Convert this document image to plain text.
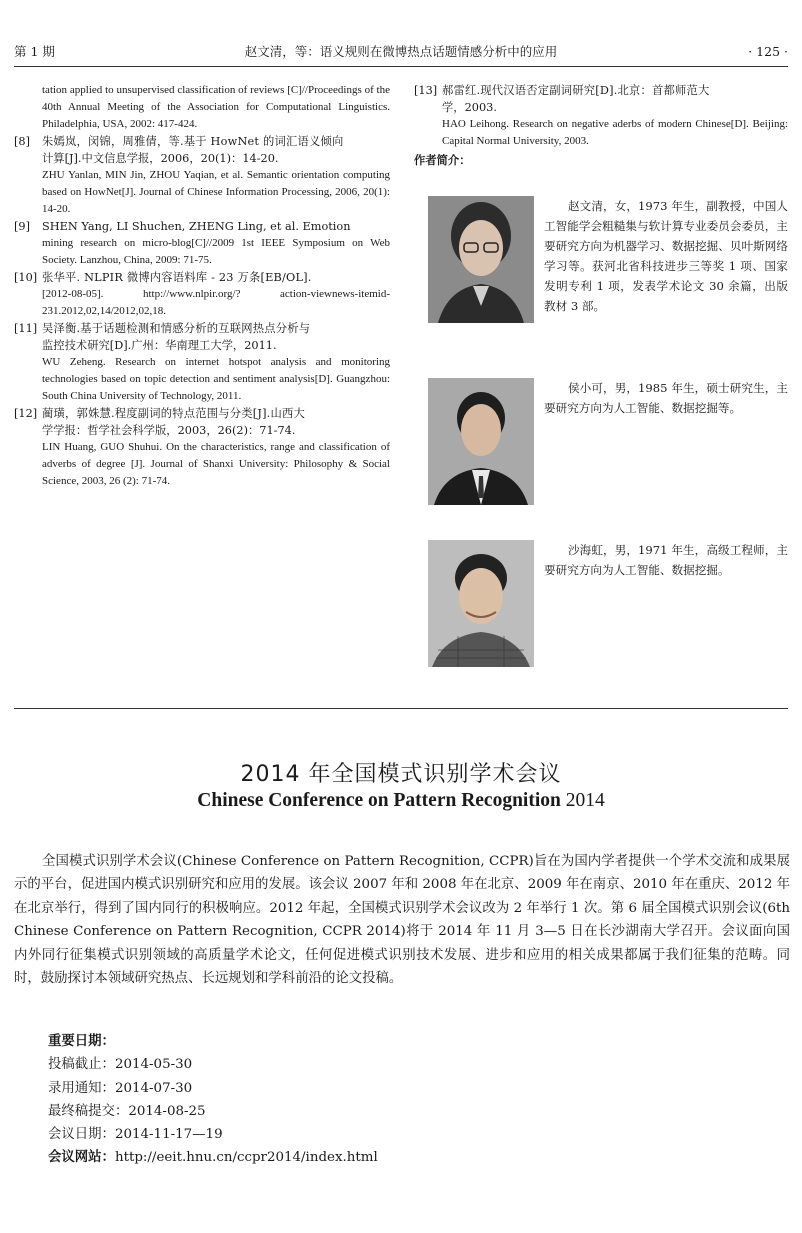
第 1 期	赵文清，等：语义规则在微博热点话题情感分析中的应用	· 125 ·
tation applied to unsupervised classification of reviews [C]//Proceedings of the 40th Annual Meeting of the Association for Computational Linguistics. Philadelphia, USA, 2002: 417-424.
[8] 朱嫣岚，闵锦，周雅倩，等.基于 HowNet 的词汇语义倾向
计算[J].中文信息学报，2006，20(1)：14-20.
ZHU Yanlan, MIN Jin, ZHOU Yaqian, et al. Semantic orientation computing based on HowNet[J]. Journal of Chinese Information Processing, 2006, 20(1): 14-20.
[9] SHEN Yang, LI Shuchen, ZHENG Ling, et al. Emotion
mining research on micro-blog[C]//2009 1st IEEE Symposium on Web Society. Lanzhou, China, 2009: 71-75.
[10] 张华平. NLPIR 微博内容语料库 - 23 万条[EB/OL].
[2012-08-05]. http://www.nlpir.org/? action-viewnews-itemid-231.2012,02,14/2012,02,18.
[11] 吴泽衡.基于话题检测和情感分析的互联网热点分析与
监控技术研究[D].广州：华南理工大学，2011.
WU Zeheng. Research on internet hotspot analysis and monitoring technologies based on topic detection and sentiment analysis[D]. Guangzhou: South China University of Technology, 2011.
[12] 蔺璜，郭姝慧.程度副词的特点范围与分类[J].山西大
学学报：哲学社会科学版，2003，26(2)：71-74.
LIN Huang, GUO Shuhui. On the characteristics, range and classification of adverbs of degree [J]. Journal of Shanxi University: Philosophy & Social Science, 2003, 26 (2): 71-74.
[13] 郝雷红.现代汉语否定副词研究[D].北京：首都师范大
学，2003.
HAO Leihong. Research on negative aderbs of modern Chinese[D]. Beijing: Capital Normal University, 2003.
作者简介：
赵文清，女，1973 年生，副教授，中国人工智能学会粗糙集与软计算专业委员会委员，主要研究方向为机器学习、数据挖掘、贝叶斯网络学习等。获河北省科技进步三等奖 1 项、国家发明专利 1 项，发表学术论文 30 余篇，出版教材 3 部。
侯小可，男，1985 年生，硕士研究生，主要研究方向为人工智能、数据挖掘等。
沙海虹，男，1971 年生，高级工程师，主要研究方向为人工智能、数据挖掘。
2014 年全国模式识别学术会议
Chinese Conference on Pattern Recognition 2014
全国模式识别学术会议(Chinese Conference on Pattern Recognition, CCPR)旨在为国内学者提供一个学术交流和成果展示的平台，促进国内模式识别研究和应用的发展。该会议 2007 年和 2008 年在北京、2009 年在南京、2010 年在重庆、2012 年在北京举行，得到了国内同行的积极响应。2012 年起，全国模式识别学术会议改为 2 年举行 1 次。第 6 届全国模式识别会议(6th Chinese Conference on Pattern Recognition, CCPR 2014)将于 2014 年 11 月 3—5 日在长沙湖南大学召开。会议面向国内外同行征集模式识别领域的高质量学术论文，任何促进模式识别技术发展、进步和应用的相关成果都属于我们征集的范畴。同时，鼓励探讨本领域研究热点、长远规划和学科前沿的论文投稿。
重要日期：
投稿截止：2014-05-30
录用通知：2014-07-30
最终稿提交：2014-08-25
会议日期：2014-11-17—19
会议网站：http://eeit.hnu.cn/ccpr2014/index.html
